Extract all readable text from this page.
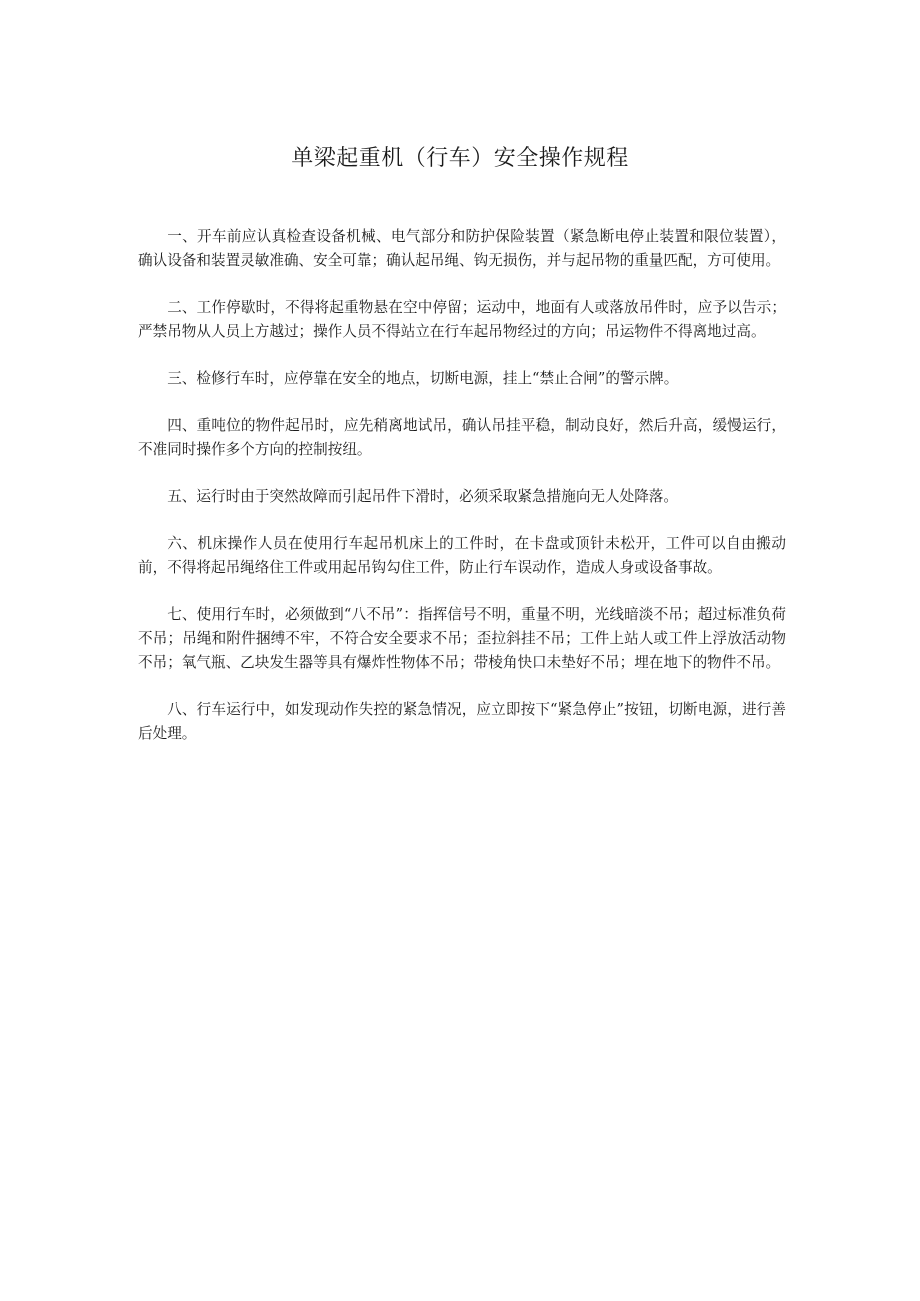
单梁起重机（行车）安全操作规程

一、开车前应认真检查设备机械、电气部分和防护保险装置（紧急断电停止装置和限位装置），确认设备和装置灵敏准确、安全可靠；确认起吊绳、钩无损伤，并与起吊物的重量匹配，方可使用。

二、工作停歇时，不得将起重物悬在空中停留；运动中，地面有人或落放吊件时，应予以告示；严禁吊物从人员上方越过；操作人员不得站立在行车起吊物经过的方向；吊运物件不得离地过高。

三、检修行车时，应停靠在安全的地点，切断电源，挂上“禁止合闸”的警示牌。

四、重吨位的物件起吊时，应先稍离地试吊，确认吊挂平稳，制动良好，然后升高，缓慢运行，不准同时操作多个方向的控制按纽。

五、运行时由于突然故障而引起吊件下滑时，必须采取紧急措施向无人处降落。

六、机床操作人员在使用行车起吊机床上的工件时，在卡盘或顶针未松开，工件可以自由搬动前，不得将起吊绳络住工件或用起吊钩勾住工件，防止行车误动作，造成人身或设备事故。

七、使用行车时，必须做到“八不吊”：指挥信号不明，重量不明，光线暗淡不吊；超过标准负荷不吊；吊绳和附件捆缚不牢，不符合安全要求不吊；歪拉斜挂不吊；工件上站人或工件上浮放活动物不吊；氧气瓶、乙块发生器等具有爆炸性物体不吊；带棱角快口未垫好不吊；埋在地下的物件不吊。

八、行车运行中，如发现动作失控的紧急情况，应立即按下“紧急停止”按钮，切断电源，进行善后处理。
